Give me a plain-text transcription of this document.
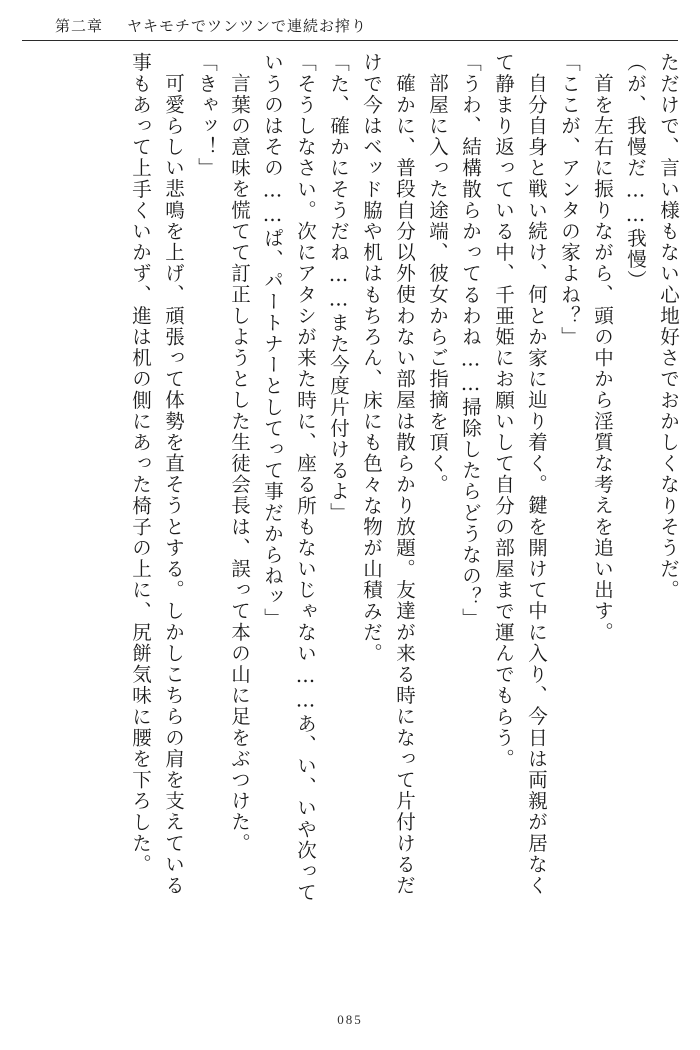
第二章 ヤキモチでツンツンで連続お搾り
ただけで、言い様もない心地好さでおかしくなりそうだ。
（が、我慢だ……我慢）
首を左右に振りながら、頭の中から淫質な考えを追い出す。
「ここが、アンタの家よね？」
自分自身と戦い続け、何とか家に辿り着く。鍵を開けて中に入り、今日は両親が居なく
て静まり返っている中、千亜姫にお願いして自分の部屋まで運んでもらう。
「うわ、結構散らかってるわね……掃除したらどうなの？」
部屋に入った途端、彼女からご指摘を頂く。
確かに、普段自分以外使わない部屋は散らかり放題。友達が来る時になって片付けるだ
けで今はベッド脇や机はもちろん、床にも色々な物が山積みだ。
「た、確かにそうだね……また今度片付けるよ」
「そうしなさい。次にアタシが来た時に、座る所もないじゃない……あ、い、いや次って
いうのはその……ぱ、パートナーとしてって事だからねッ」
言葉の意味を慌てて訂正しようとした生徒会長は、誤って本の山に足をぶつけた。
「きゃッ！」
可愛らしい悲鳴を上げ、頑張って体勢を直そうとする。しかしこちらの肩を支えている
事もあって上手くいかず、進は机の側にあった椅子の上に、尻餅気味に腰を下ろした。
085
